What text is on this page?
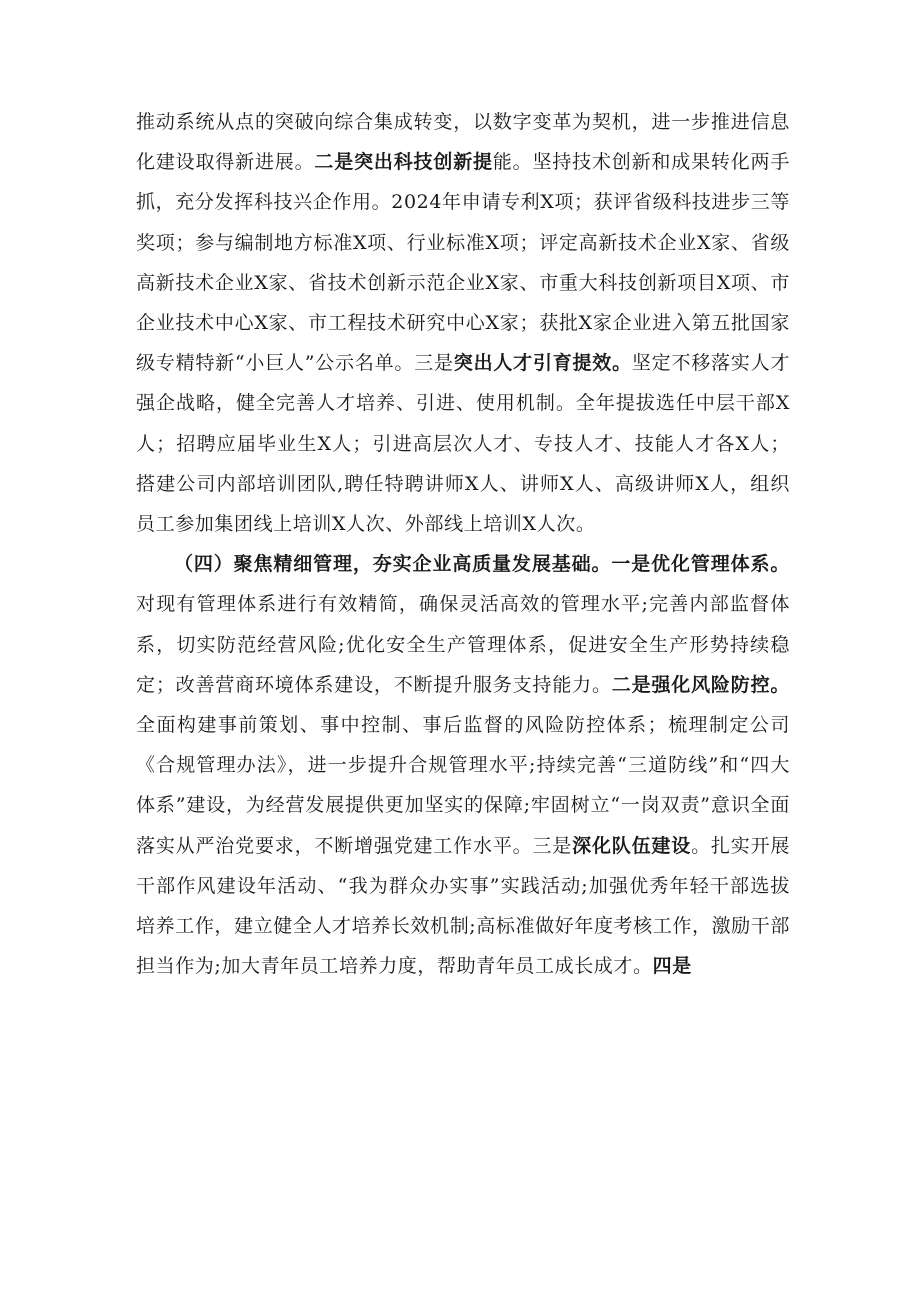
推动系统从点的突破向综合集成转变，以数字变革为契机，进一步推进信息化建设取得新进展。二是突出科技创新提能。坚持技术创新和成果转化两手抓，充分发挥科技兴企作用。2024年申请专利X项；获评省级科技进步三等奖项；参与编制地方标准X项、行业标准X项；评定高新技术企业X家、省级高新技术企业X家、省技术创新示范企业X家、市重大科技创新项目X项、市企业技术中心X家、市工程技术研究中心X家；获批X家企业进入第五批国家级专精特新“小巨人”公示名单。三是突出人才引育提效。坚定不移落实人才强企战略，健全完善人才培养、引进、使用机制。全年提拔选任中层干部X人；招聘应届毕业生X人；引进高层次人才、专技人才、技能人才各X人；搭建公司内部培训团队,聘任特聘讲师X人、讲师X人、高级讲师X人，组织员工参加集团线上培训X人次、外部线上培训X人次。

（四）聚焦精细管理，夯实企业高质量发展基础。一是优化管理体系。对现有管理体系进行有效精简，确保灵活高效的管理水平;完善内部监督体系，切实防范经营风险;优化安全生产管理体系，促进安全生产形势持续稳定；改善营商环境体系建设，不断提升服务支持能力。二是强化风险防控。全面构建事前策划、事中控制、事后监督的风险防控体系；梳理制定公司《合规管理办法》，进一步提升合规管理水平;持续完善“三道防线”和“四大体系”建设，为经营发展提供更加坚实的保障;牢固树立“一岗双责”意识全面落实从严治党要求，不断增强党建工作水平。三是深化队伍建设。扎实开展干部作风建设年活动、“我为群众办实事”实践活动;加强优秀年轻干部选拔培养工作，建立健全人才培养长效机制;高标准做好年度考核工作，激励干部担当作为;加大青年员工培养力度，帮助青年员工成长成才。四是
